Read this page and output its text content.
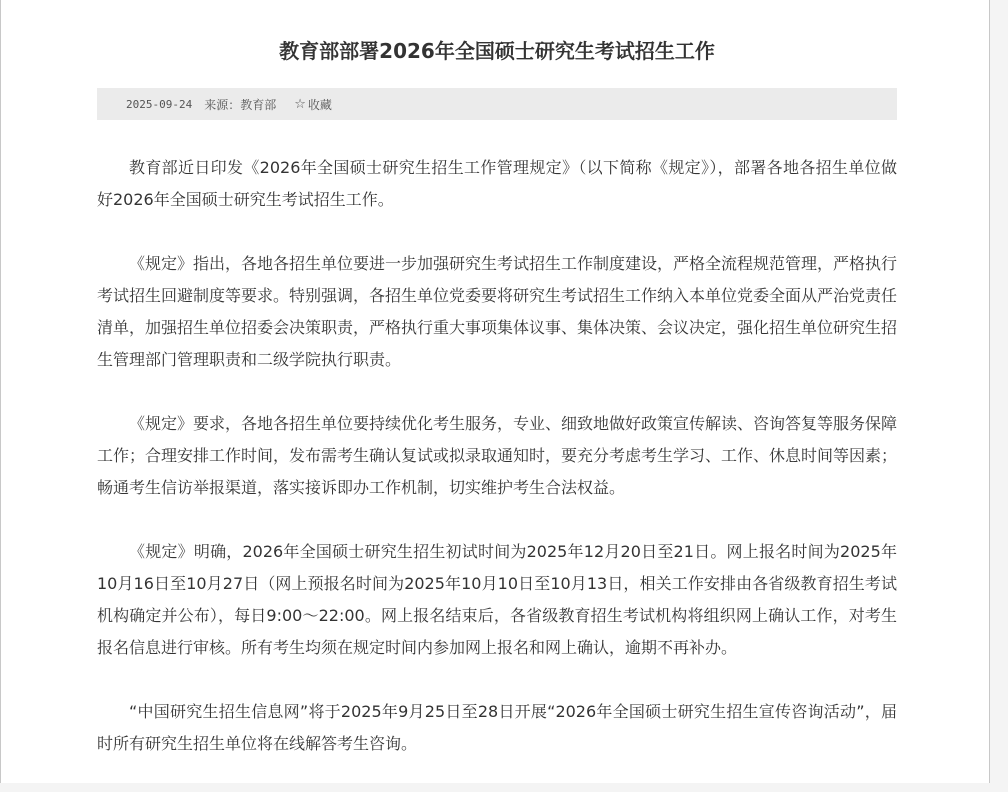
教育部部署2026年全国硕士研究生考试招生工作
2025-09-24 来源：教育部 ☆ 收藏

教育部近日印发《2026年全国硕士研究生招生工作管理规定》（以下简称《规定》），部署各地各招生单位做好2026年全国硕士研究生考试招生工作。

《规定》指出，各地各招生单位要进一步加强研究生考试招生工作制度建设，严格全流程规范管理，严格执行考试招生回避制度等要求。特别强调，各招生单位党委要将研究生考试招生工作纳入本单位党委全面从严治党责任清单，加强招生单位招委会决策职责，严格执行重大事项集体议事、集体决策、会议决定，强化招生单位研究生招生管理部门管理职责和二级学院执行职责。

《规定》要求，各地各招生单位要持续优化考生服务，专业、细致地做好政策宣传解读、咨询答复等服务保障工作；合理安排工作时间，发布需考生确认复试或拟录取通知时，要充分考虑考生学习、工作、休息时间等因素；畅通考生信访举报渠道，落实接诉即办工作机制，切实维护考生合法权益。

《规定》明确，2026年全国硕士研究生招生初试时间为2025年12月20日至21日。网上报名时间为2025年10月16日至10月27日（网上预报名时间为2025年10月10日至10月13日，相关工作安排由各省级教育招生考试机构确定并公布），每日9:00～22:00。网上报名结束后，各省级教育招生考试机构将组织网上确认工作，对考生报名信息进行审核。所有考生均须在规定时间内参加网上报名和网上确认，逾期不再补办。

“中国研究生招生信息网”将于2025年9月25日至28日开展“2026年全国硕士研究生招生宣传咨询活动”，届时所有研究生招生单位将在线解答考生咨询。
